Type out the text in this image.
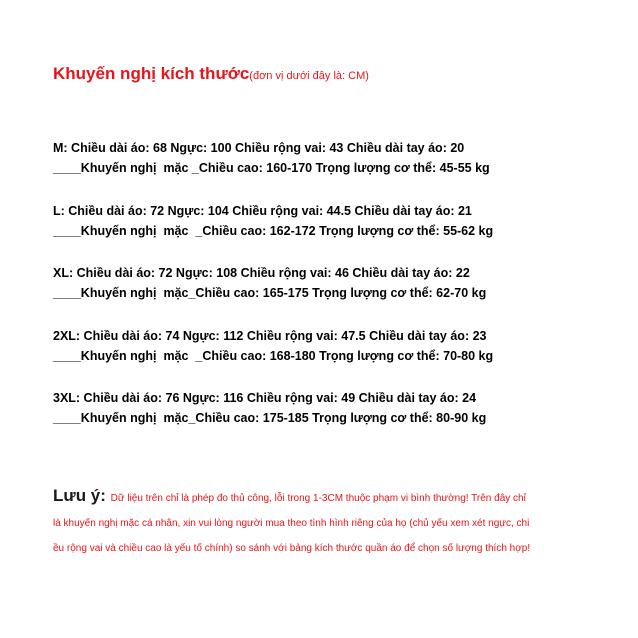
Khuyến nghị kích thước(đơn vị dưới đây là: CM)
M: Chiều dài áo: 68 Ngực: 100 Chiều rộng vai: 43 Chiều dài tay áo: 20
____Khuyến nghị  mặc _Chiều cao: 160-170 Trọng lượng cơ thể: 45-55 kg
L: Chiều dài áo: 72 Ngực: 104 Chiều rộng vai: 44.5 Chiều dài tay áo: 21
____Khuyến nghị  mặc  _Chiều cao: 162-172 Trọng lượng cơ thể: 55-62 kg
XL: Chiều dài áo: 72 Ngực: 108 Chiều rộng vai: 46 Chiều dài tay áo: 22
____Khuyến nghị  mặc_Chiều cao: 165-175 Trọng lượng cơ thể: 62-70 kg
2XL: Chiều dài áo: 74 Ngực: 112 Chiều rộng vai: 47.5 Chiều dài tay áo: 23
____Khuyến nghị  mặc  _Chiều cao: 168-180 Trọng lượng cơ thể: 70-80 kg
3XL: Chiều dài áo: 76 Ngực: 116 Chiều rộng vai: 49 Chiều dài tay áo: 24
____Khuyến nghị  mặc_Chiều cao: 175-185 Trọng lượng cơ thể: 80-90 kg
Lưu ý: Dữ liệu trên chỉ là phép đo thủ công, lỗi trong 1-3CM thuộc phạm vi bình thường! Trên đây chỉ
là khuyến nghị mặc cá nhân, xin vui lòng người mua theo tình hình riêng của họ (chủ yếu xem xét ngực, chi
ều rộng vai và chiều cao là yếu tố chính) so sánh với bảng kích thước quần áo để chọn số lượng thích hợp!
